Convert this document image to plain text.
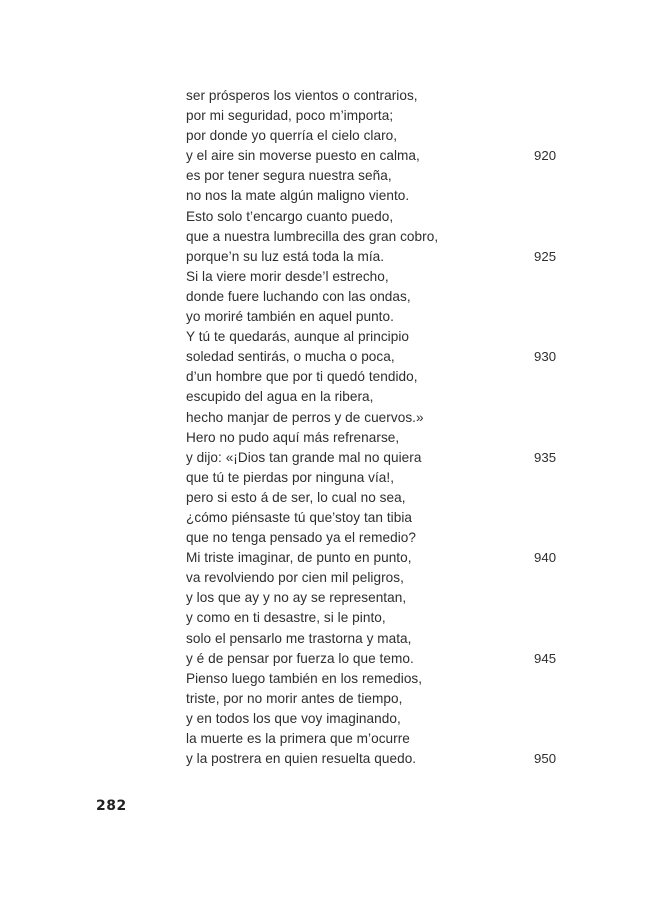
ser prósperos los vientos o contrarios,
por mi seguridad, poco m’importa;
por donde yo querría el cielo claro,
y el aire sin moverse puesto en calma,	920
es por tener segura nuestra seña,
no nos la mate algún maligno viento.
Esto solo t’encargo cuanto puedo,
que a nuestra lumbrecilla des gran cobro,
porque’n su luz está toda la mía.	925
Si la viere morir desde’l estrecho,
donde fuere luchando con las ondas,
yo moriré también en aquel punto.
Y tú te quedarás, aunque al principio
soledad sentirás, o mucha o poca,	930
d’un hombre que por ti quedó tendido,
escupido del agua en la ribera,
hecho manjar de perros y de cuervos.»
Hero no pudo aquí más refrenarse,
y dijo: «¡Dios tan grande mal no quiera	935
que tú te pierdas por ninguna vía!,
pero si esto á de ser, lo cual no sea,
¿cómo piénsaste tú que’stoy tan tibia
que no tenga pensado ya el remedio?
Mi triste imaginar, de punto en punto,	940
va revolviendo por cien mil peligros,
y los que ay y no ay se representan,
y como en ti desastre, si le pinto,
solo el pensarlo me trastorna y mata,
y é de pensar por fuerza lo que temo.	945
Pienso luego también en los remedios,
triste, por no morir antes de tiempo,
y en todos los que voy imaginando,
la muerte es la primera que m’ocurre
y la postrera en quien resuelta quedo.	950
282
